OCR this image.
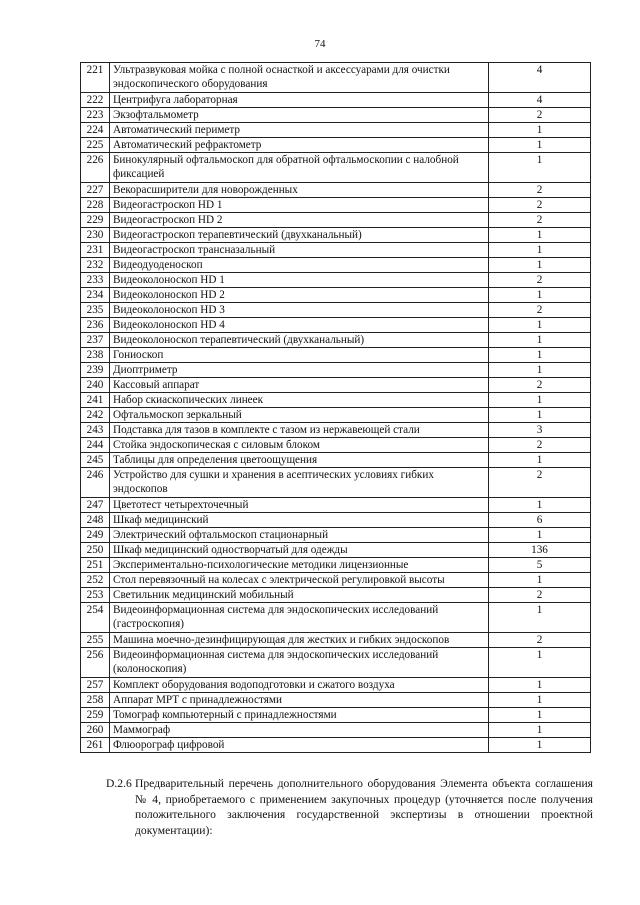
74
221	Ультразвуковая мойка с полной оснасткой и аксессуарами для очистки эндоскопического оборудования	4
222	Центрифуга лабораторная	4
223	Экзофтальмометр	2
224	Автоматический периметр	1
225	Автоматический рефрактометр	1
226	Бинокулярный офтальмоскоп для обратной офтальмоскопии с налобной фиксацией	1
227	Векорасширители для новорожденных	2
228	Видеогастроскоп HD 1	2
229	Видеогастроскоп HD 2	2
230	Видеогастроскоп терапевтический (двухканальный)	1
231	Видеогастроскоп трансназальный	1
232	Видеодуоденоскоп	1
233	Видеоколоноскоп HD 1	2
234	Видеоколоноскоп HD 2	1
235	Видеоколоноскоп HD 3	2
236	Видеоколоноскоп HD 4	1
237	Видеоколоноскоп терапевтический (двухканальный)	1
238	Гониоскоп	1
239	Диоптриметр	1
240	Кассовый аппарат	2
241	Набор скиаскопических линеек	1
242	Офтальмоскоп зеркальный	1
243	Подставка для тазов в комплекте с тазом из нержавеющей стали	3
244	Стойка эндоскопическая с силовым блоком	2
245	Таблицы для определения цветоощущения	1
246	Устройство для сушки и хранения в асептических условиях гибких эндоскопов	2
247	Цветотест четырехточечный	1
248	Шкаф медицинский	6
249	Электрический офтальмоскоп стационарный	1
250	Шкаф медицинский одностворчатый для одежды	136
251	Экспериментально-психологические методики лицензионные	5
252	Стол перевязочный на колесах с электрической регулировкой высоты	1
253	Светильник медицинский мобильный	2
254	Видеоинформационная система для эндоскопических исследований (гастроскопия)	1
255	Машина моечно-дезинфицирующая для жестких и гибких эндоскопов	2
256	Видеоинформационная система для эндоскопических исследований (колоноскопия)	1
257	Комплект оборудования водоподготовки и сжатого воздуха	1
258	Аппарат МРТ с принадлежностями	1
259	Томограф компьютерный с принадлежностями	1
260	Маммограф	1
261	Флюорограф цифровой	1
D.2.6 Предварительный перечень дополнительного оборудования Элемента объекта соглашения № 4, приобретаемого с применением закупочных процедур (уточняется после получения положительного заключения государственной экспертизы в отношении проектной документации):
